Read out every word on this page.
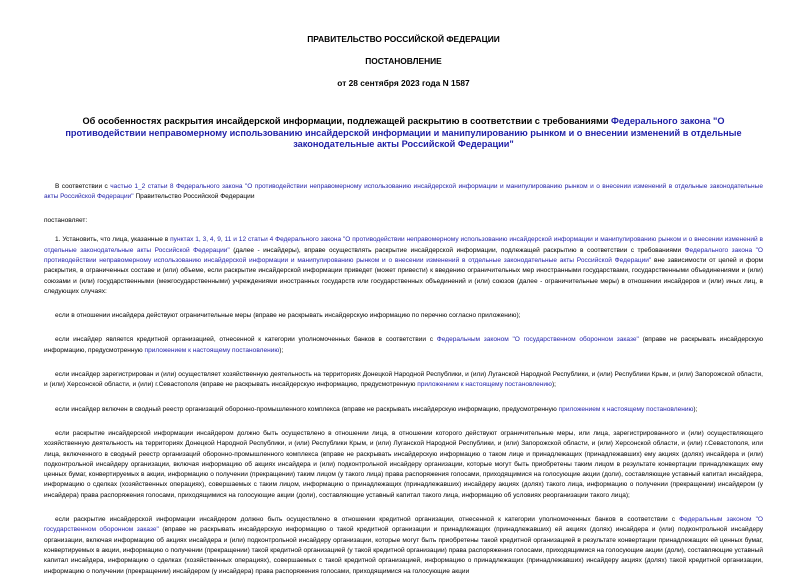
ПРАВИТЕЛЬСТВО РОССИЙСКОЙ ФЕДЕРАЦИИ

ПОСТАНОВЛЕНИЕ

от 28 сентября 2023 года N 1587

Об особенностях раскрытия инсайдерской информации, подлежащей раскрытию в соответствии с требованиями Федерального закона "О противодействии неправомерному использованию инсайдерской информации и манипулированию рынком и о внесении изменений в отдельные законодательные акты Российской Федерации"

В соответствии с частью 1_2 статьи 8 Федерального закона "О противодействии неправомерному использованию инсайдерской информации и манипулированию рынком и о внесении изменений в отдельные законодательные акты Российской Федерации" Правительство Российской Федерации

постановляет:

1. Установить, что лица, указанные в пунктах 1, 3, 4, 9, 11 и 12 статьи 4 Федерального закона "О противодействии неправомерному использованию инсайдерской информации и манипулированию рынком и о внесении изменений в отдельные законодательные акты Российской Федерации" (далее - инсайдеры), вправе осуществлять раскрытие инсайдерской информации, подлежащей раскрытию в соответствии с требованиями Федерального закона "О противодействии неправомерному использованию инсайдерской информации и манипулированию рынком и о внесении изменений в отдельные законодательные акты Российской Федерации" вне зависимости от целей и форм раскрытия, в ограниченных составе и (или) объеме, если раскрытие инсайдерской информации приведет (может привести) к введению ограничительных мер иностранными государствами, государственными объединениями и (или) союзами и (или) государственными (межгосударственными) учреждениями иностранных государств или государственных объединений и (или) союзов (далее - ограничительные меры) в отношении инсайдеров и (или) иных лиц, в следующих случаях:

если в отношении инсайдера действуют ограничительные меры (вправе не раскрывать инсайдерскую информацию по перечню согласно приложению);

если инсайдер является кредитной организацией, отнесенной к категории уполномоченных банков в соответствии с Федеральным законом "О государственном оборонном заказе" (вправе не раскрывать инсайдерскую информацию, предусмотренную приложением к настоящему постановлению);

если инсайдер зарегистрирован и (или) осуществляет хозяйственную деятельность на территориях Донецкой Народной Республики, и (или) Луганской Народной Республики, и (или) Республики Крым, и (или) Запорожской области, и (или) Херсонской области, и (или) г.Севастополя (вправе не раскрывать инсайдерскую информацию, предусмотренную приложением к настоящему постановлению);

если инсайдер включен в сводный реестр организаций оборонно-промышленного комплекса (вправе не раскрывать инсайдерскую информацию, предусмотренную приложением к настоящему постановлению);

если раскрытие инсайдерской информации инсайдером должно быть осуществлено в отношении лица, в отношении которого действуют ограничительные меры, или лица, зарегистрированного и (или) осуществляющего хозяйственную деятельность на территориях Донецкой Народной Республики, и (или) Республики Крым, и (или) Луганской Народной Республики, и (или) Запорожской области, и (или) Херсонской области, и (или) г.Севастополя, или лица, включенного в сводный реестр организаций оборонно-промышленного комплекса (вправе не раскрывать инсайдерскую информацию о таком лице и принадлежащих (принадлежавших) ему акциях (долях) инсайдера и (или) подконтрольной инсайдеру организации, включая информацию об акциях инсайдера и (или) подконтрольной инсайдеру организации, которые могут быть приобретены таким лицом в результате конвертации принадлежащих ему ценных бумаг, конвертируемых в акции, информацию о получении (прекращении) таким лицом (у такого лица) права распоряжения голосами, приходящимися на голосующие акции (доли), составляющие уставный капитал инсайдера, информацию о сделках (хозяйственных операциях), совершаемых с таким лицом, информацию о принадлежащих (принадлежавших) инсайдеру акциях (долях) такого лица, информацию о получении (прекращении) инсайдером (у инсайдера) права распоряжения голосами, приходящимися на голосующие акции (доли), составляющие уставный капитал такого лица, информацию об условиях реорганизации такого лица);

если раскрытие инсайдерской информации инсайдером должно быть осуществлено в отношении кредитной организации, отнесенной к категории уполномоченных банков в соответствии с Федеральным законом "О государственном оборонном заказе" (вправе не раскрывать инсайдерскую информацию о такой кредитной организации и принадлежащих (принадлежавших) ей акциях (долях) инсайдера и (или) подконтрольной инсайдеру организации, включая информацию об акциях инсайдера и (или) подконтрольной инсайдеру организации, которые могут быть приобретены такой кредитной организацией в результате конвертации принадлежащих ей ценных бумаг, конвертируемых в акции, информацию о получении (прекращении) такой кредитной организацией (у такой кредитной организации) права распоряжения голосами, приходящимися на голосующие акции (доли), составляющие уставный капитал инсайдера, информацию о сделках (хозяйственных операциях), совершаемых с такой кредитной организацией, информацию о принадлежащих (принадлежавших) инсайдеру акциях (долях) такой кредитной организации, информацию о получении (прекращении) инсайдером (у инсайдера) права распоряжения голосами, приходящимися на голосующие акции
